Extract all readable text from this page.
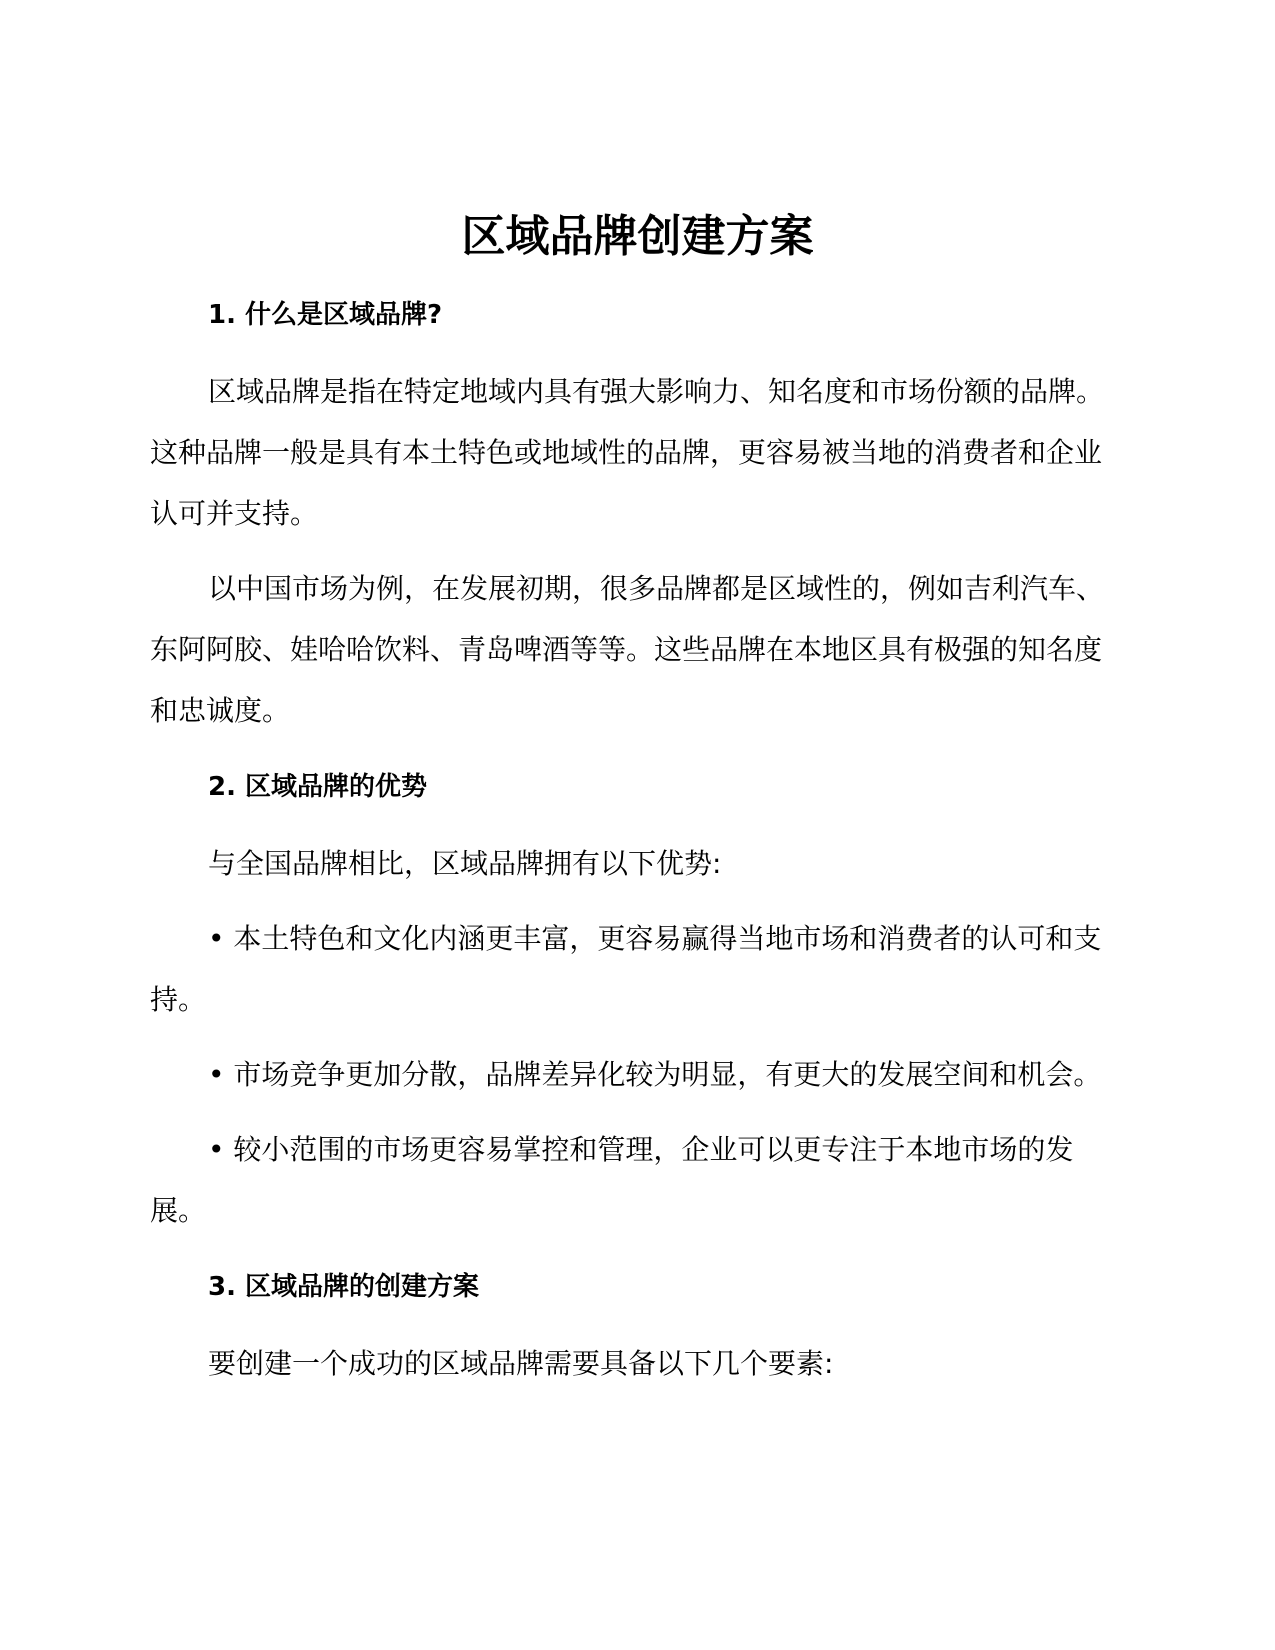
区域品牌创建方案
1. 什么是区域品牌?

区域品牌是指在特定地域内具有强大影响力、知名度和市场份额的品牌。这种品牌一般是具有本土特色或地域性的品牌，更容易被当地的消费者和企业认可并支持。

以中国市场为例，在发展初期，很多品牌都是区域性的，例如吉利汽车、东阿阿胶、娃哈哈饮料、青岛啤酒等等。这些品牌在本地区具有极强的知名度和忠诚度。

2. 区域品牌的优势

与全国品牌相比，区域品牌拥有以下优势:

• 本土特色和文化内涵更丰富，更容易赢得当地市场和消费者的认可和支持。

• 市场竞争更加分散，品牌差异化较为明显，有更大的发展空间和机会。

• 较小范围的市场更容易掌控和管理，企业可以更专注于本地市场的发展。

3. 区域品牌的创建方案

要创建一个成功的区域品牌需要具备以下几个要素:
